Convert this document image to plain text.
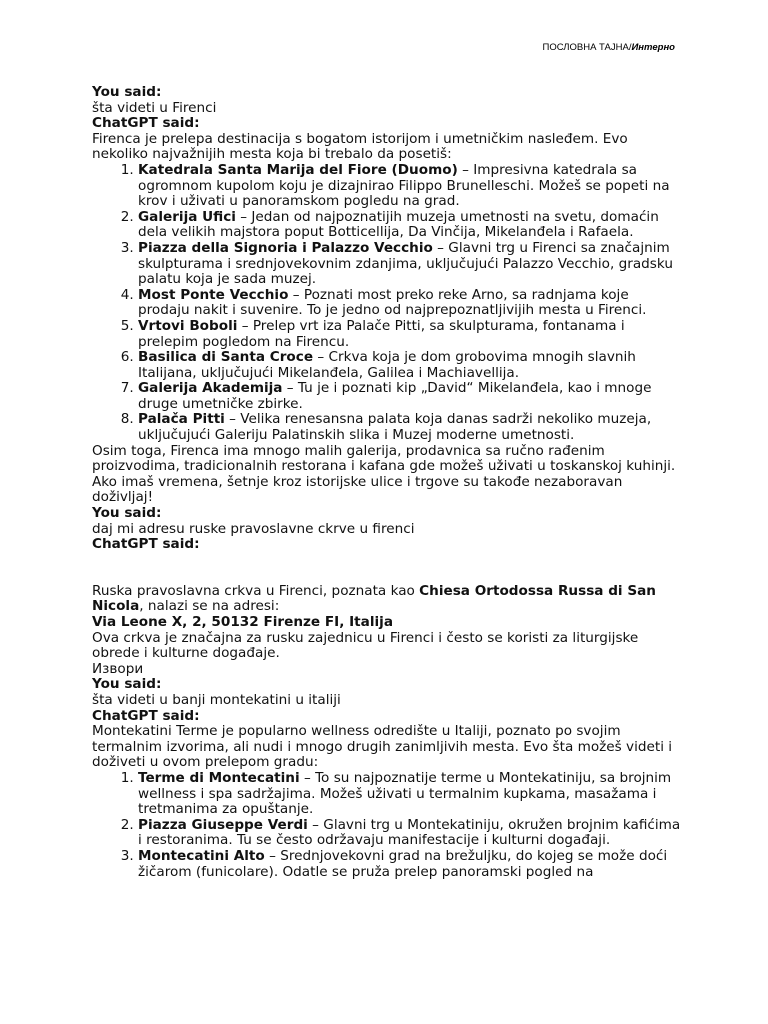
ПОСЛОВНА ТАЈНА/Интерно

You said:

šta videti u Firenci

ChatGPT said:

Firenca je prelepa destinacija s bogatom istorijom i umetničkim nasleđem. Evo nekoliko najvažnijih mesta koja bi trebalo da posetiš:

1. Katedrala Santa Marija del Fiore (Duomo) – Impresivna katedrala sa ogromnom kupolom koju je dizajnirao Filippo Brunelleschi. Možeš se popeti na krov i uživati u panoramskom pogledu na grad.
2. Galerija Ufici – Jedan od najpoznatijih muzeja umetnosti na svetu, domaćin dela velikih majstora poput Botticellija, Da Vinčija, Mikelanđela i Rafaela.
3. Piazza della Signoria i Palazzo Vecchio – Glavni trg u Firenci sa značajnim skulpturama i srednjovekovnim zdanjima, uključujući Palazzo Vecchio, gradsku palatu koja je sada muzej.
4. Most Ponte Vecchio – Poznati most preko reke Arno, sa radnjama koje prodaju nakit i suvenire. To je jedno od najprepoznatljivijih mesta u Firenci.
5. Vrtovi Boboli – Prelep vrt iza Palače Pitti, sa skulpturama, fontanama i prelepim pogledom na Firencu.
6. Basilica di Santa Croce – Crkva koja je dom grobovima mnogih slavnih Italijana, uključujući Mikelanđela, Galilea i Machiavellija.
7. Galerija Akademija – Tu je i poznati kip „David“ Mikelanđela, kao i mnoge druge umetničke zbirke.
8. Palača Pitti – Velika renesansna palata koja danas sadrži nekoliko muzeja, uključujući Galeriju Palatinskih slika i Muzej moderne umetnosti.

Osim toga, Firenca ima mnogo malih galerija, prodavnica sa ručno rađenim proizvodima, tradicionalnih restorana i kafana gde možeš uživati u toskanskoj kuhinji. Ako imaš vremena, šetnje kroz istorijske ulice i trgove su takođe nezaboravan doživljaj!

You said:

daj mi adresu ruske pravoslavne ckrve u firenci

ChatGPT said:

Ruska pravoslavna crkva u Firenci, poznata kao Chiesa Ortodossa Russa di San Nicola, nalazi se na adresi:

Via Leone X, 2, 50132 Firenze FI, Italija

Ova crkva je značajna za rusku zajednicu u Firenci i često se koristi za liturgijske obrede i kulturne događaje.

Извори

You said:

šta videti u banji montekatini u italiji

ChatGPT said:

Montekatini Terme je popularno wellness odredište u Italiji, poznato po svojim termalnim izvorima, ali nudi i mnogo drugih zanimljivih mesta. Evo šta možeš videti i doživeti u ovom prelepom gradu:

1. Terme di Montecatini – To su najpoznatije terme u Montekatiniju, sa brojnim wellness i spa sadržajima. Možeš uživati u termalnim kupkama, masažama i tretmanima za opuštanje.
2. Piazza Giuseppe Verdi – Glavni trg u Montekatiniju, okružen brojnim kafićima i restoranima. Tu se često održavaju manifestacije i kulturni događaji.
3. Montecatini Alto – Srednjovekovni grad na brežuljku, do kojeg se može doći žičarom (funicolare). Odatle se pruža prelep panoramski pogled na
